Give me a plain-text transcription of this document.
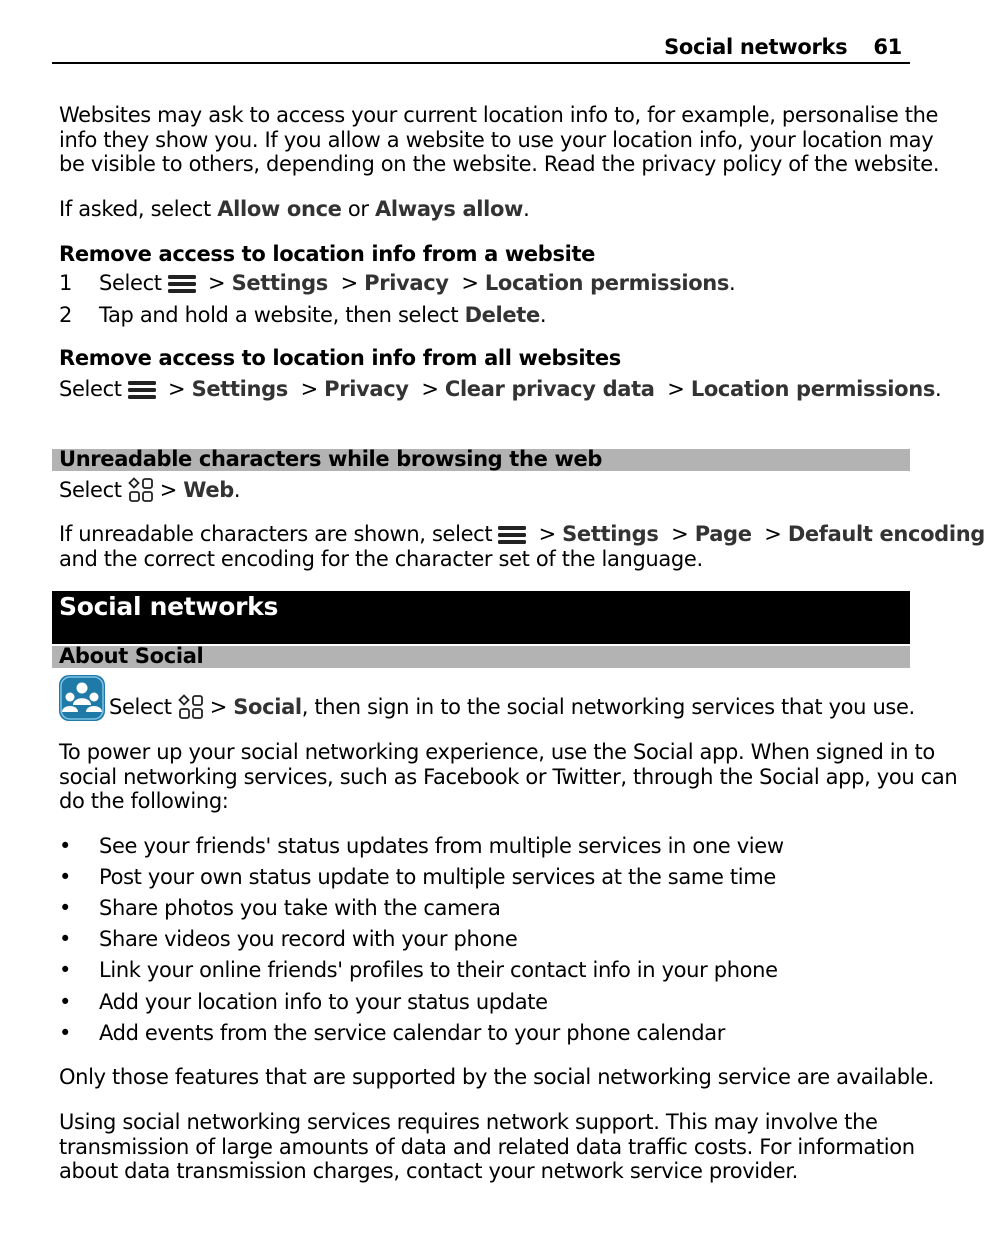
Social networks 61
Websites may ask to access your current location info to, for example, personalise the
info they show you. If you allow a website to use your location info, your location may
be visible to others, depending on the website. Read the privacy policy of the website.
If asked, select Allow once or Always allow.
Remove access to location info from a website
1	Select > Settings > Privacy > Location permissions.
2	Tap and hold a website, then select Delete.
Remove access to location info from all websites
Select > Settings > Privacy > Clear privacy data > Location permissions.
Unreadable characters while browsing the web
Select > Web.
If unreadable characters are shown, select > Settings > Page > Default encoding
and the correct encoding for the character set of the language.
Social networks
About Social
Select > Social, then sign in to the social networking services that you use.
To power up your social networking experience, use the Social app. When signed in to
social networking services, such as Facebook or Twitter, through the Social app, you can
do the following:
• See your friends' status updates from multiple services in one view
• Post your own status update to multiple services at the same time
• Share photos you take with the camera
• Share videos you record with your phone
• Link your online friends' profiles to their contact info in your phone
• Add your location info to your status update
• Add events from the service calendar to your phone calendar
Only those features that are supported by the social networking service are available.
Using social networking services requires network support. This may involve the
transmission of large amounts of data and related data traffic costs. For information
about data transmission charges, contact your network service provider.
